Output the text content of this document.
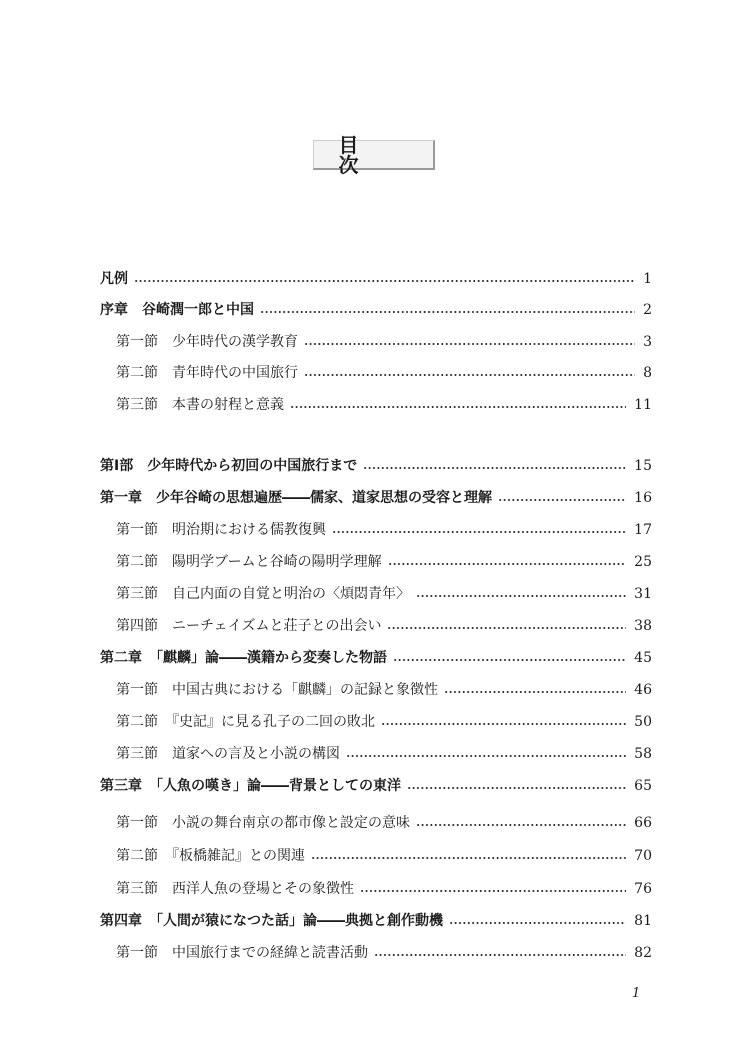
目　次
凡例	1
序章　谷崎潤一郎と中国	2
第一節　少年時代の漢学教育	3
第二節　青年時代の中国旅行	8
第三節　本書の射程と意義	11
第Ⅰ部　少年時代から初回の中国旅行まで	15
第一章　少年谷崎の思想遍歴――儒家、道家思想の受容と理解	16
第一節　明治期における儒教復興	17
第二節　陽明学ブームと谷崎の陽明学理解	25
第三節　自己内面の自覚と明治の〈煩悶青年〉	31
第四節　ニーチェイズムと荘子との出会い	38
第二章　「麒麟」論――漢籍から変奏した物語	45
第一節　中国古典における「麒麟」の記録と象徴性	46
第二節　『史記』に見る孔子の二回の敗北	50
第三節　道家への言及と小説の構図	58
第三章　「人魚の嘆き」論――背景としての東洋	65
第一節　小説の舞台南京の都市像と設定の意味	66
第二節　『板橋雑記』との関連	70
第三節　西洋人魚の登場とその象徴性	76
第四章　「人間が猿になつた話」論――典拠と創作動機	81
第一節　中国旅行までの経緯と読書活動	82
1
